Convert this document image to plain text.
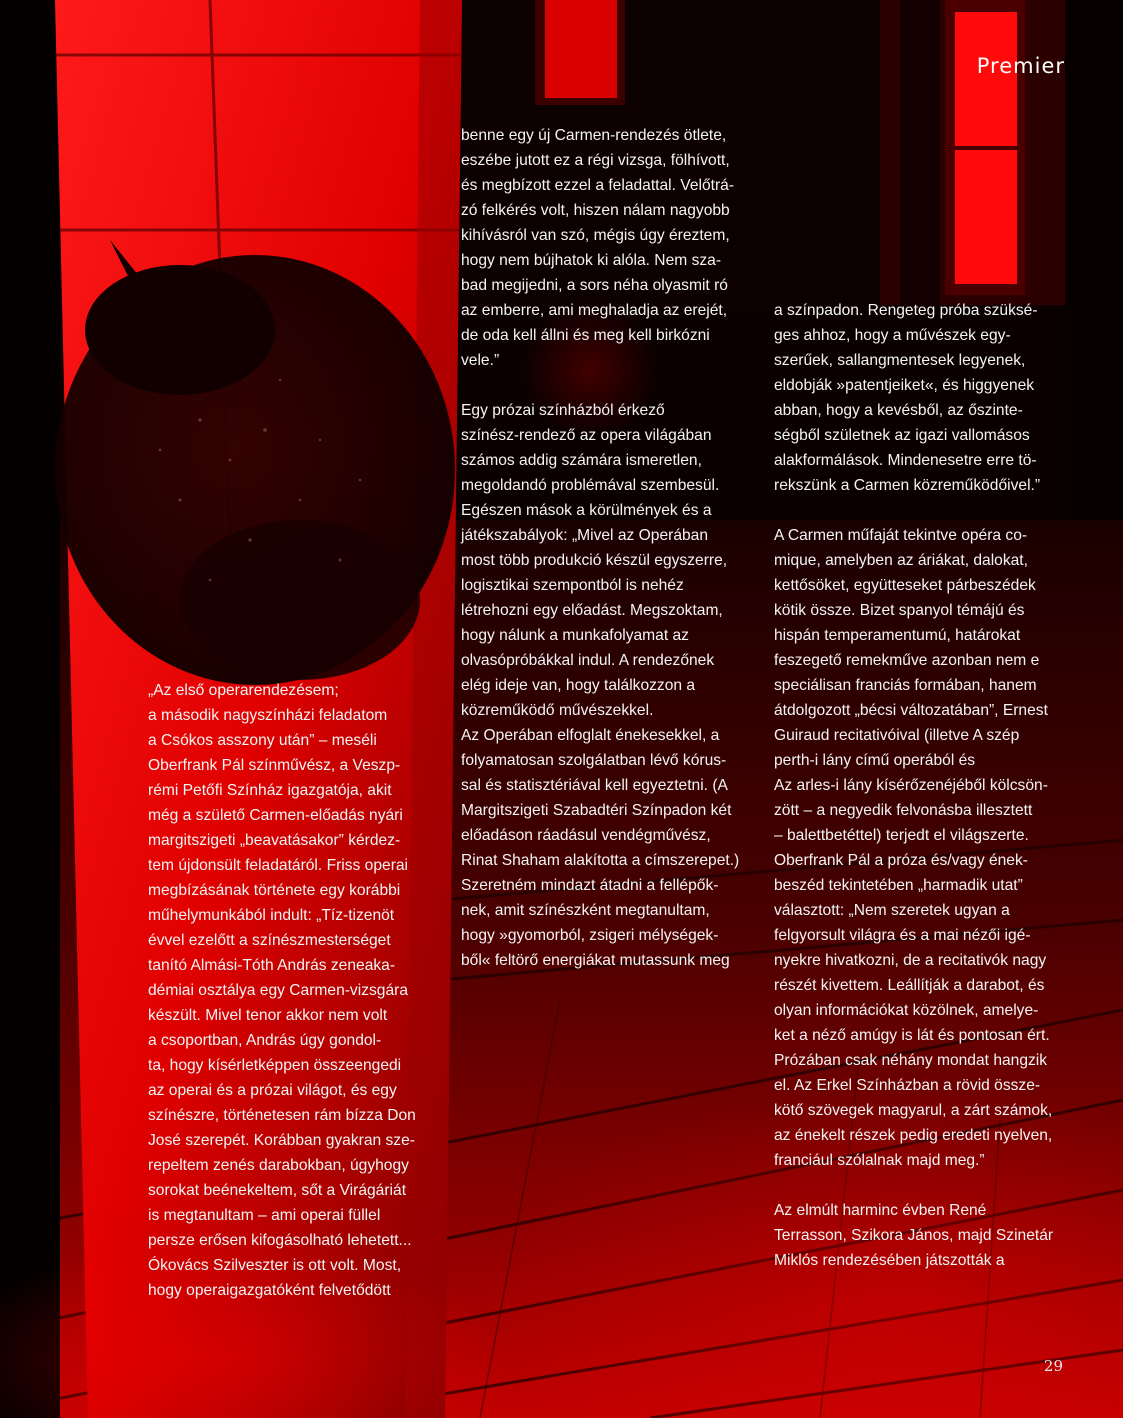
Premier

„Az első operarendezésem;
a második nagyszínházi feladatom
a Csókos asszony után” – meséli
Oberfrank Pál színművész, a Veszp-
rémi Petőfi Színház igazgatója, akit
még a születő Carmen-előadás nyári
margitszigeti „beavatásakor” kérdez-
tem újdonsült feladatáról. Friss operai
megbízásának története egy korábbi
műhelymunkából indult: „Tíz-tizenöt
évvel ezelőtt a színészmesterséget
tanító Almási-Tóth András zeneaka-
démiai osztálya egy Carmen-vizsgára
készült. Mivel tenor akkor nem volt
a csoportban, András úgy gondol-
ta, hogy kísérletképpen összeengedi
az operai és a prózai világot, és egy
színészre, történetesen rám bízza Don
José szerepét. Korábban gyakran sze-
repeltem zenés darabokban, úgyhogy
sorokat beénekeltem, sőt a Virágáriát
is megtanultam – ami operai füllel
persze erősen kifogásolható lehetett...
Ókovács Szilveszter is ott volt. Most,
hogy operaigazgatóként felvetődött

benne egy új Carmen-rendezés ötlete,
eszébe jutott ez a régi vizsga, fölhívott,
és megbízott ezzel a feladattal. Velőtrá-
zó felkérés volt, hiszen nálam nagyobb
kihívásról van szó, mégis úgy éreztem,
hogy nem bújhatok ki alóla. Nem sza-
bad megijedni, a sors néha olyasmit ró
az emberre, ami meghaladja az erejét,
de oda kell állni és meg kell birkózni
vele.”

Egy prózai színházból érkező
színész-rendező az opera világában
számos addig számára ismeretlen,
megoldandó problémával szembesül.
Egészen mások a körülmények és a
játékszabályok: „Mivel az Operában
most több produkció készül egyszerre,
logisztikai szempontból is nehéz
létrehozni egy előadást. Megszoktam,
hogy nálunk a munkafolyamat az
olvasópróbákkal indul. A rendezőnek
elég ideje van, hogy találkozzon a
közreműködő művészekkel.
Az Operában elfoglalt énekesekkel, a
folyamatosan szolgálatban lévő kórus-
sal és statisztériával kell egyeztetni. (A
Margitszigeti Szabadtéri Színpadon két
előadáson ráadásul vendégművész,
Rinat Shaham alakította a címszerepet.)
Szeretném mindazt átadni a fellépők-
nek, amit színészként megtanultam,
hogy »gyomorból, zsigeri mélységek-
ből« feltörő energiákat mutassunk meg

a színpadon. Rengeteg próba szüksé-
ges ahhoz, hogy a művészek egy-
szerűek, sallangmentesek legyenek,
eldobják »patentjeiket«, és higgyenek
abban, hogy a kevésből, az őszinte-
ségből születnek az igazi vallomásos
alakformálások. Mindenesetre erre tö-
rekszünk a Carmen közreműködőivel.”

A Carmen műfaját tekintve opéra co-
mique, amelyben az áriákat, dalokat,
kettősöket, együtteseket párbeszédek
kötik össze. Bizet spanyol témájú és
hispán temperamentumú, határokat
feszegető remekműve azonban nem e
speciálisan franciás formában, hanem
átdolgozott „bécsi változatában”, Ernest
Guiraud recitativóival (illetve A szép
perth-i lány című operából és
Az arles-i lány kísérőzenéjéből kölcsön-
zött – a negyedik felvonásba illesztett
– balettbetéttel) terjedt el világszerte.
Oberfrank Pál a próza és/vagy ének-
beszéd tekintetében „harmadik utat”
választott: „Nem szeretek ugyan a
felgyorsult világra és a mai nézői igé-
nyekre hivatkozni, de a recitativók nagy
részét kivettem. Leállítják a darabot, és
olyan információkat közölnek, amelye-
ket a néző amúgy is lát és pontosan ért.
Prózában csak néhány mondat hangzik
el. Az Erkel Színházban a rövid össze-
kötő szövegek magyarul, a zárt számok,
az énekelt részek pedig eredeti nyelven,
franciául szólalnak majd meg.”

Az elmúlt harminc évben René
Terrasson, Szikora János, majd Szinetár
Miklós rendezésében játszották a

29
